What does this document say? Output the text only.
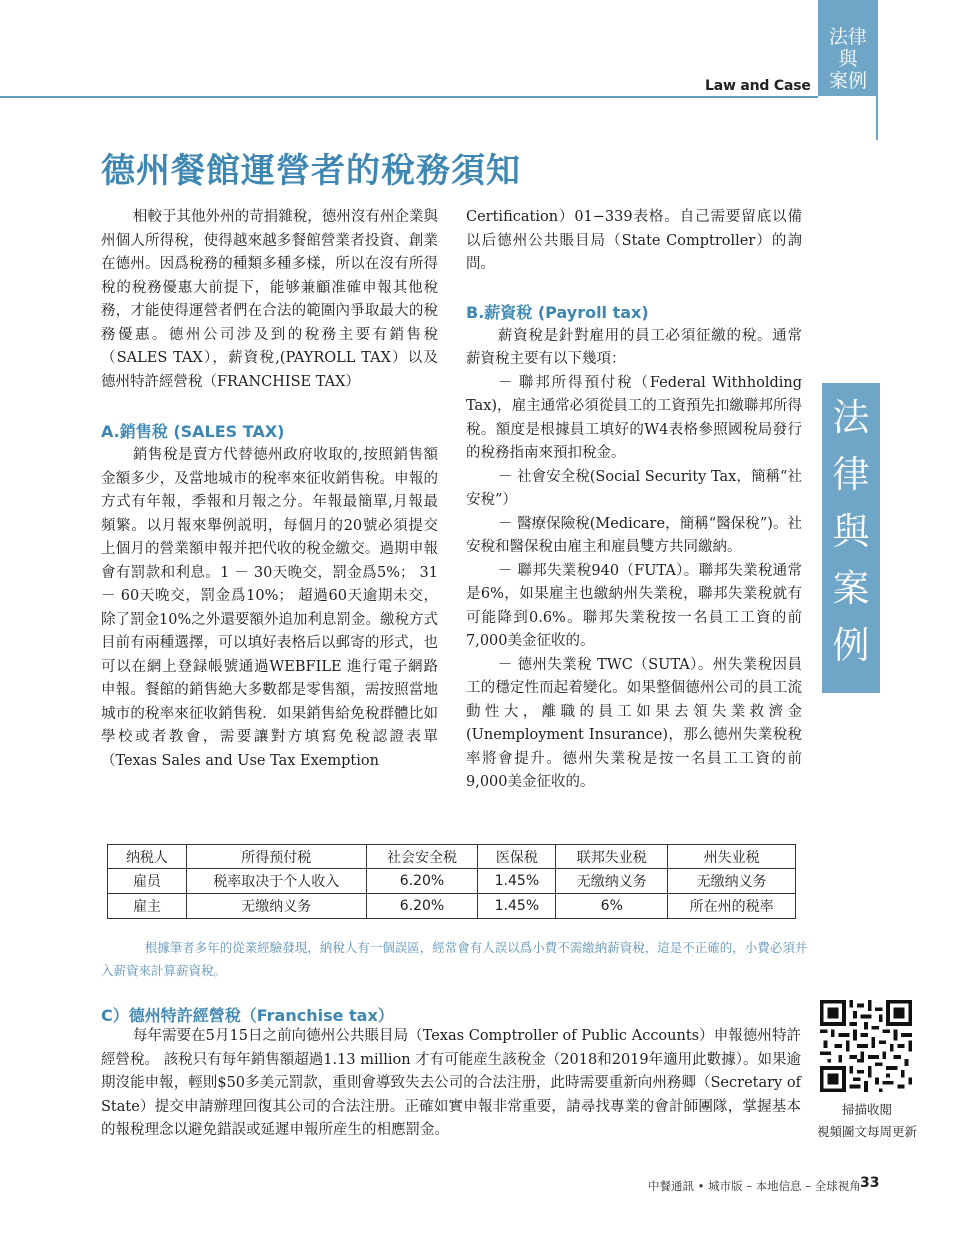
法律
與
案例
Law and Case
德州餐館運營者的稅務須知

相較于其他外州的苛捐雜稅，德州沒有州企業與州個人所得稅，使得越來越多餐館營業者投資、創業在德州。因爲稅務的種類多種多樣，所以在沒有所得稅的稅務優惠大前提下，能够兼顧准確申報其他稅務，才能使得運營者們在合法的範圍內爭取最大的稅務優惠。德州公司涉及到的稅務主要有銷售稅（SALES TAX），薪資稅,(PAYROLL TAX）以及德州特許經營稅（FRANCHISE TAX）

A.銷售稅 (SALES TAX)

銷售稅是賣方代替德州政府收取的,按照銷售額金額多少，及當地城市的稅率來征收銷售稅。申報的方式有年報，季報和月報之分。年報最簡單,月報最頻繁。以月報來舉例説明，每個月的20號必須提交上個月的營業額申報并把代收的稅金繳交。過期申報會有罰款和利息。1 － 30天晚交，罰金爲5%； 31 － 60天晚交，罰金爲10%； 超過60天逾期未交，除了罰金10%之外還要額外追加利息罰金。繳稅方式目前有兩種選擇，可以填好表格后以郵寄的形式，也可以在網上登録帳號通過WEBFILE 進行電子網路申報。餐館的銷售絶大多數都是零售額，需按照當地城市的稅率來征收銷售稅．如果銷售給免稅群體比如學校或者教會，需要讓對方填寫免稅認證表單（Texas Sales and Use Tax Exemption

Certification）01−339表格。自己需要留底以備以后德州公共賬目局（State Comptroller）的詢問。

B.薪資稅 (Payroll tax)

薪資稅是針對雇用的員工必須征繳的稅。通常薪資稅主要有以下幾項：

－ 聯邦所得預付稅（Federal Withholding Tax)，雇主通常必須從員工的工資預先扣繳聯邦所得稅。額度是根據員工填好的W4表格參照國稅局發行的稅務指南來預扣稅金。

－ 社會安全稅(Social Security Tax，簡稱“社安稅”）

－ 醫療保險稅(Medicare，簡稱“醫保稅”)。社安稅和醫保稅由雇主和雇員雙方共同繳納。

－ 聯邦失業稅940（FUTA）。聯邦失業稅通常是6%，如果雇主也繳納州失業稅，聯邦失業稅就有可能降到0.6%。聯邦失業稅按一名員工工資的前7,000美金征收的。

－ 德州失業稅 TWC（SUTA）。州失業稅因員工的穩定性而起着變化。如果整個德州公司的員工流動性大，離職的員工如果去領失業救濟金(Unemployment Insurance)，那么德州失業稅稅率將會提升。德州失業稅是按一名員工工資的前9,000美金征收的。

法
律
與
案
例
纳税人	所得预付税	社会安全税	医保税	联邦失业税	州失业税
雇员	税率取决于个人收入	6.20%	1.45%	无缴纳义务	无缴纳义务
雇主	无缴纳义务	6.20%	1.45%	6%	所在州的税率

根據筆者多年的從業經驗發現，納稅人有一個誤區，經常會有人誤以爲小費不需繳納薪資稅，這是不正確的，小費必須并入薪資來計算薪資稅。

C）德州特許經營稅（Franchise tax）

每年需要在5月15日之前向德州公共賬目局（Texas Comptroller of Public Accounts）申報德州特許經營稅。 該稅只有每年銷售額超過1.13 million 才有可能産生該稅金（2018和2019年適用此數據）。如果逾期沒能申報，輕則$50多美元罰款，重則會導致失去公司的合法注册，此時需要重新向州務卿（Secretary of State）提交申請辦理回復其公司的合法注册。正確如實申報非常重要，請尋找專業的會計師團隊，掌握基本的報稅理念以避免錯誤或延遲申報所産生的相應罰金。

掃描收閲
視頻圖文每周更新
中餐通訊 • 城市版 – 本地信息 – 全球視角 33
